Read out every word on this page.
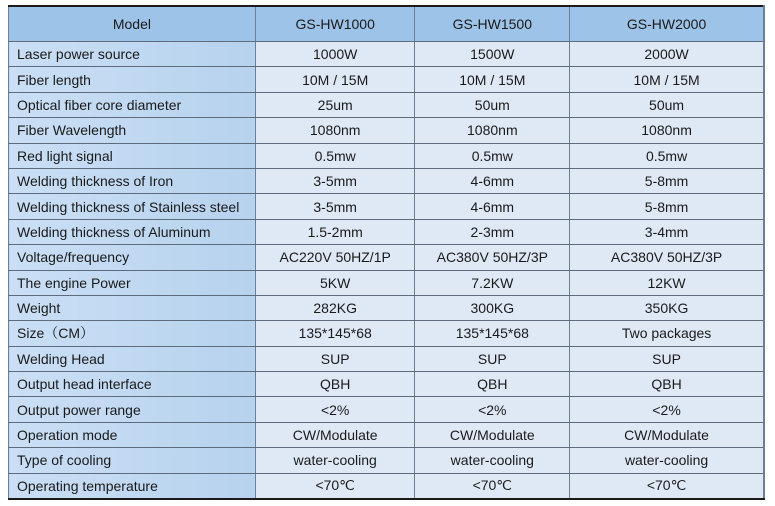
Model	GS-HW1000	GS-HW1500	GS-HW2000
Laser power source	1000W	1500W	2000W
Fiber length	10M / 15M	10M / 15M	10M / 15M
Optical fiber core diameter	25um	50um	50um
Fiber Wavelength	1080nm	1080nm	1080nm
Red light signal	0.5mw	0.5mw	0.5mw
Welding thickness of Iron	3-5mm	4-6mm	5-8mm
Welding thickness of Stainless steel	3-5mm	4-6mm	5-8mm
Welding thickness of Aluminum	1.5-2mm	2-3mm	3-4mm
Voltage/frequency	AC220V 50HZ/1P	AC380V 50HZ/3P	AC380V 50HZ/3P
The engine Power	5KW	7.2KW	12KW
Weight	282KG	300KG	350KG
Size（CM）	135*145*68	135*145*68	Two packages
Welding Head	SUP	SUP	SUP
Output head interface	QBH	QBH	QBH
Output power range	<2%	<2%	<2%
Operation mode	CW/Modulate	CW/Modulate	CW/Modulate
Type of cooling	water-cooling	water-cooling	water-cooling
Operating temperature	<70℃	<70℃	<70℃
